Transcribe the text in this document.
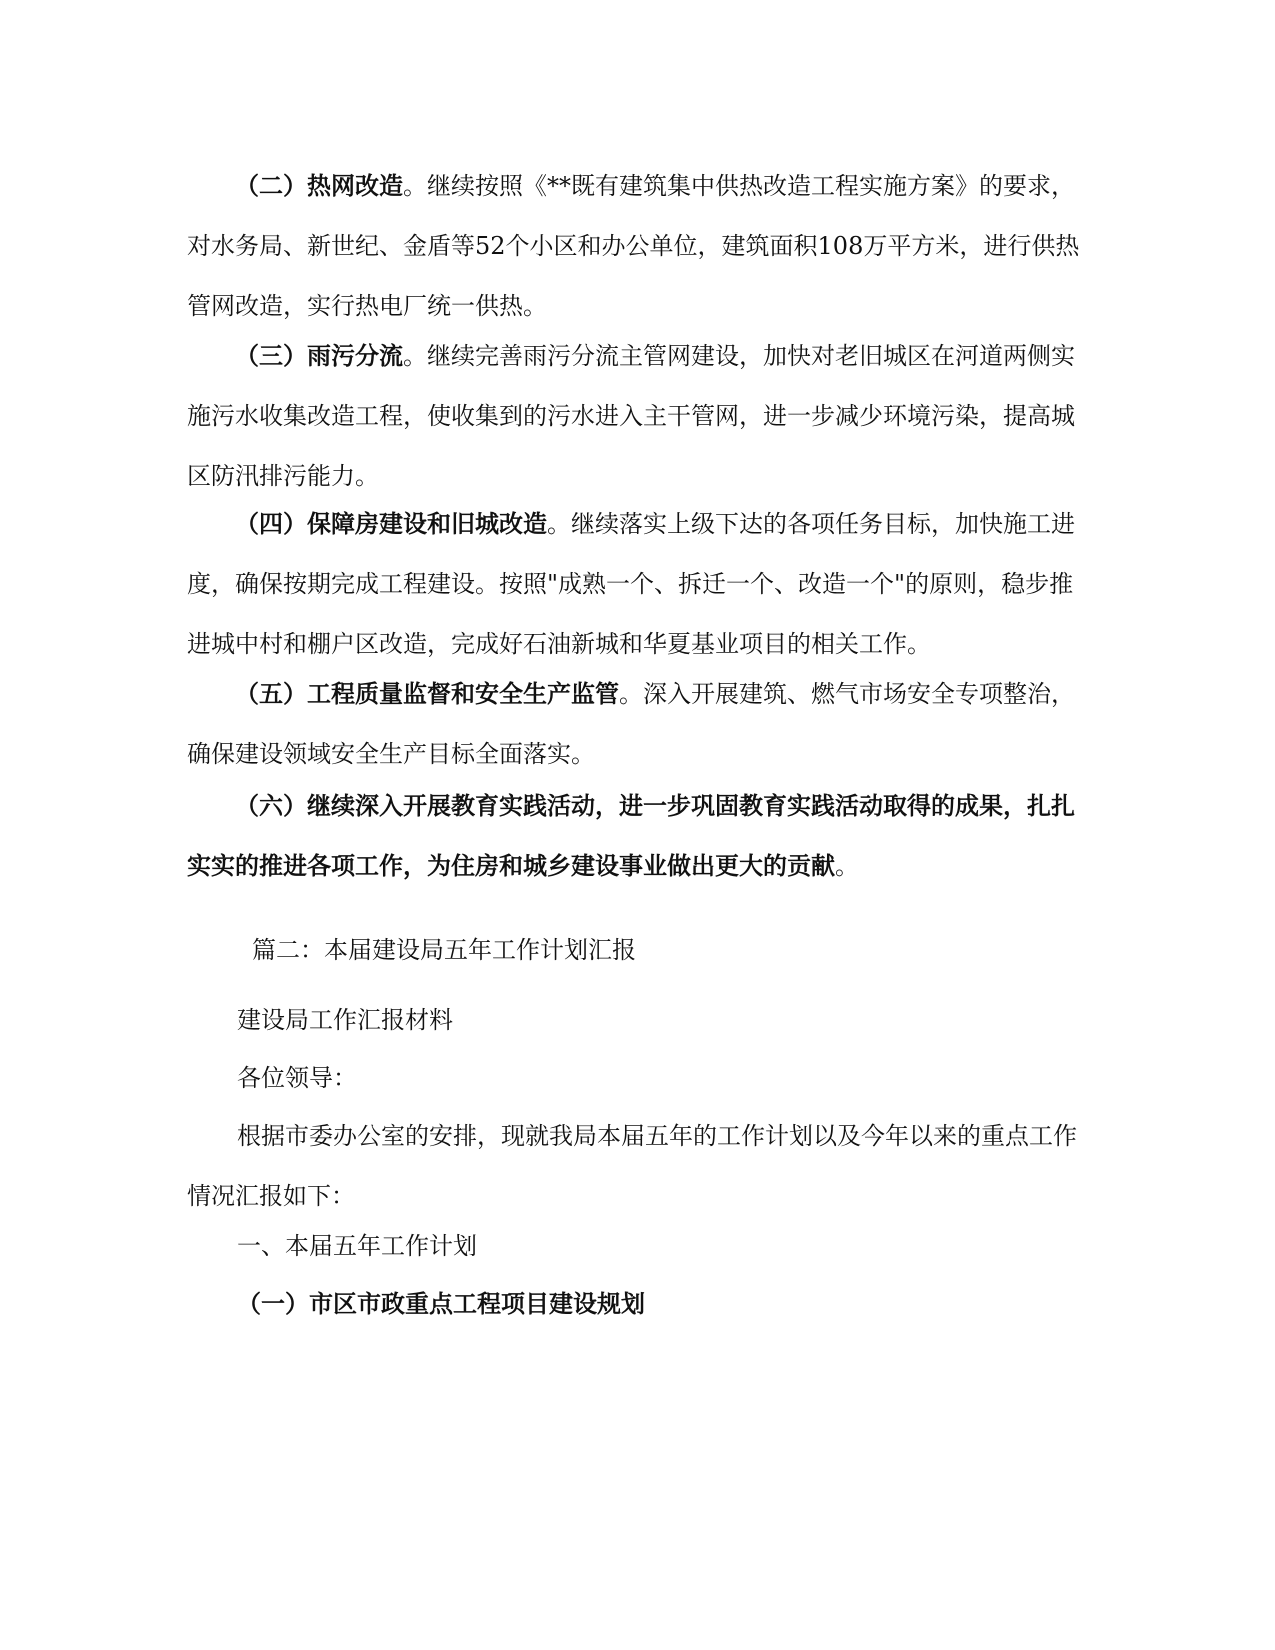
（二）热网改造。继续按照《**既有建筑集中供热改造工程实施方案》的要求，对水务局、新世纪、金盾等52个小区和办公单位，建筑面积108万平方米，进行供热管网改造，实行热电厂统一供热。
（三）雨污分流。继续完善雨污分流主管网建设，加快对老旧城区在河道两侧实施污水收集改造工程，使收集到的污水进入主干管网，进一步减少环境污染，提高城区防汛排污能力。
（四）保障房建设和旧城改造。继续落实上级下达的各项任务目标，加快施工进度，确保按期完成工程建设。按照"成熟一个、拆迁一个、改造一个"的原则，稳步推进城中村和棚户区改造，完成好石油新城和华夏基业项目的相关工作。
（五）工程质量监督和安全生产监管。深入开展建筑、燃气市场安全专项整治，确保建设领域安全生产目标全面落实。
（六）继续深入开展教育实践活动，进一步巩固教育实践活动取得的成果，扎扎实实的推进各项工作，为住房和城乡建设事业做出更大的贡献。
篇二：本届建设局五年工作计划汇报
建设局工作汇报材料
各位领导：
根据市委办公室的安排，现就我局本届五年的工作计划以及今年以来的重点工作情况汇报如下：
一、本届五年工作计划
（一）市区市政重点工程项目建设规划
